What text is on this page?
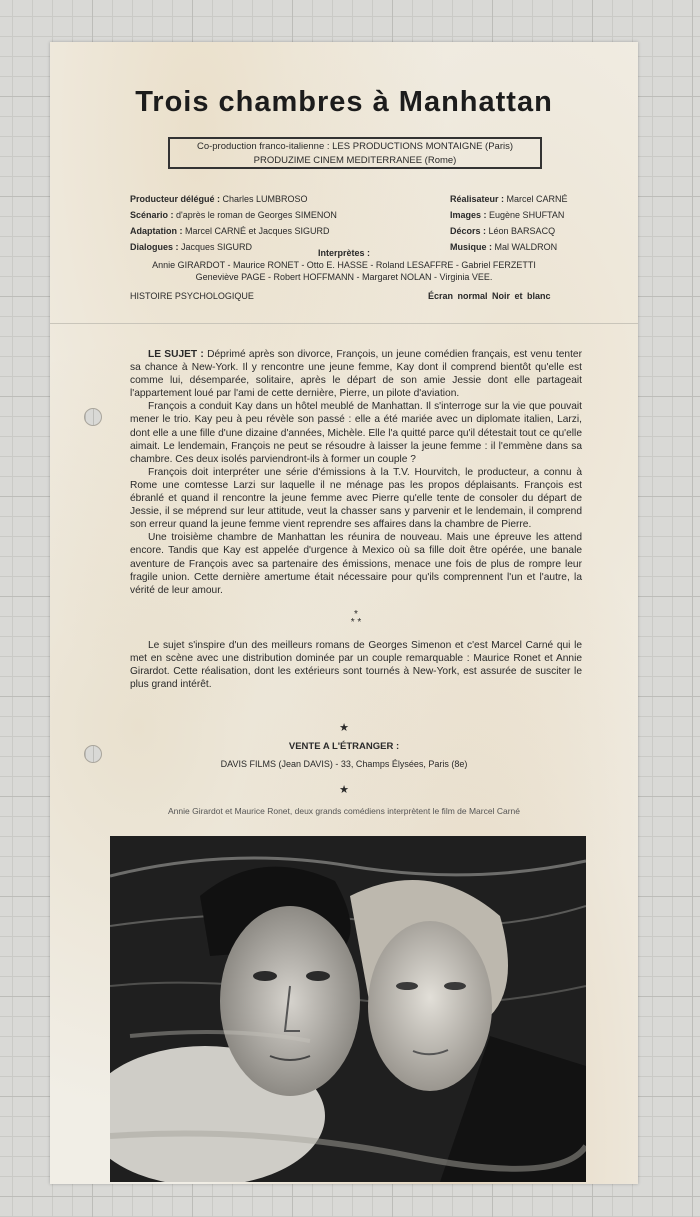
Trois chambres à Manhattan
Co-production franco-italienne : LES PRODUCTIONS MONTAIGNE (Paris)
PRODUZIME CINEM MEDITERRANEE (Rome)
Producteur délégué : Charles LUMBROSO
Scénario : d'après le roman de Georges SIMENON
Adaptation : Marcel CARNÉ et Jacques SIGURD
Dialogues : Jacques SIGURD
Réalisateur : Marcel CARNÉ
Images : Eugène SHUFTAN
Décors : Léon BARSACQ
Musique : Mal WALDRON
Interprètes :
Annie GIRARDOT - Maurice RONET - Otto E. HASSE - Roland LESAFFRE - Gabriel FERZETTI
Geneviève PAGE - Robert HOFFMANN - Margaret NOLAN - Virginia VEE.
HISTOIRE PSYCHOLOGIQUE	Écran normal Noir et blanc

LE SUJET : Déprimé après son divorce, François, un jeune comédien français, est venu tenter sa chance à New-York. Il y rencontre une jeune femme, Kay dont il comprend bientôt qu'elle est comme lui, désemparée, solitaire, après le départ de son amie Jessie dont elle partageait l'appartement loué par l'ami de cette dernière, Pierre, un pilote d'aviation.

François a conduit Kay dans un hôtel meublé de Manhattan. Il s'interroge sur la vie que pouvait mener le trio. Kay peu à peu révèle son passé : elle a été mariée avec un diplomate italien, Larzi, dont elle a une fille d'une dizaine d'années, Michèle. Elle l'a quitté parce qu'il détestait tout ce qu'elle aimait. Le lendemain, François ne peut se résoudre à laisser la jeune femme : il l'emmène dans sa chambre. Ces deux isolés parviendront-ils à former un couple ?

François doit interpréter une série d'émissions à la T.V. Hourvitch, le producteur, a connu à Rome une comtesse Larzi sur laquelle il ne ménage pas les propos déplaisants. François est ébranlé et quand il rencontre la jeune femme avec Pierre qu'elle tente de consoler du départ de Jessie, il se méprend sur leur attitude, veut la chasser sans y parvenir et le lendemain, il comprend son erreur quand la jeune femme vient reprendre ses affaires dans la chambre de Pierre.

Une troisième chambre de Manhattan les réunira de nouveau. Mais une épreuve les attend encore. Tandis que Kay est appelée d'urgence à Mexico où sa fille doit être opérée, une banale aventure de François avec sa partenaire des émissions, menace une fois de plus de rompre leur fragile union. Cette dernière amertume était nécessaire pour qu'ils comprennent l'un et l'autre, la vérité de leur amour.

*
* *

Le sujet s'inspire d'un des meilleurs romans de Georges Simenon et c'est Marcel Carné qui le met en scène avec une distribution dominée par un couple remarquable : Maurice Ronet et Annie Girardot. Cette réalisation, dont les extérieurs sont tournés à New-York, est assurée de susciter le plus grand intérêt.

★
VENTE A L'ÉTRANGER :
DAVIS FILMS (Jean DAVIS) - 33, Champs Élysées, Paris (8e)
★
Annie Girardot et Maurice Ronet, deux grands comédiens interprètent le film de Marcel Carné
